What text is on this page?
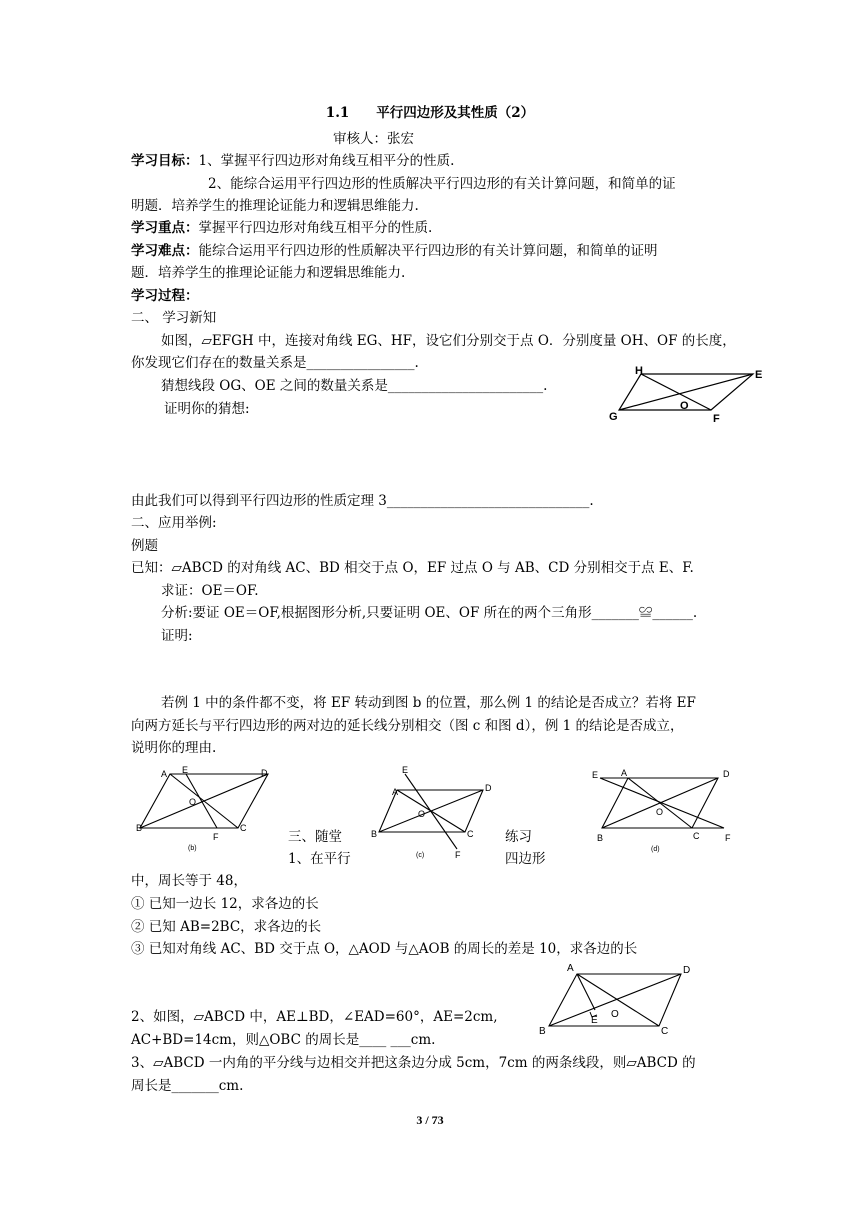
1.1　　平行四边形及其性质（2）
审核人：张宏
学习目标：1、掌握平行四边形对角线互相平分的性质.
2、能综合运用平行四边形的性质解决平行四边形的有关计算问题，和简单的证
明题．培养学生的推理论证能力和逻辑思维能力.
学习重点：掌握平行四边形对角线互相平分的性质.
学习难点：能综合运用平行四边形的性质解决平行四边形的有关计算问题，和简单的证明
题．培养学生的推理论证能力和逻辑思维能力.
学习过程：
二、 学习新知
如图，▱EFGH 中，连接对角线 EG、HF，设它们分别交于点 O．分别度量 OH、OF 的长度，
你发现它们存在的数量关系是________________.
猜想线段 OG、OE 之间的数量关系是_______________________.
证明你的猜想:
H	E
G	F
O
由此我们可以得到平行四边形的性质定理 3______________________________.
二、应用举例:
例题
已知：▱ABCD 的对角线 AC、BD 相交于点 O，EF 过点 O 与 AB、CD 分别相交于点 E、F.
求证：OE＝OF.
分析:要证 OE＝OF,根据图形分析,只要证明 OE、OF 所在的两个三角形_______≌______.
证明:
若例 1 中的条件都不变，将 EF 转动到图 b 的位置，那么例 1 的结论是否成立？若将 EF
向两方延长与平行四边形的两对边的延长线分别相交（图 c 和图 d），例 1 的结论是否成立，
说明你的理由.
A E	D
O
B
F
C
(b)
E
A	D
O
B	C
F
(c)
E	A	D
O
B	C	F
(d)
三、随堂
1、在平行
练习
四边形
中，周长等于 48，
① 已知一边长 12，求各边的长
② 已知 AB=2BC，求各边的长
③ 已知对角线 AC、BD 交于点 O，△AOD 与△AOB 的周长的差是 10，求各边的长
A	D
E
O
B	C
2、如图，▱ABCD 中，AE⊥BD，∠EAD=60°，AE=2cm,
AC+BD=14cm，则△OBC 的周长是____ ___cm.
3、▱ABCD 一内角的平分线与边相交并把这条边分成 5cm，7cm 的两条线段，则▱ABCD 的
周长是_______cm.
3 / 73
